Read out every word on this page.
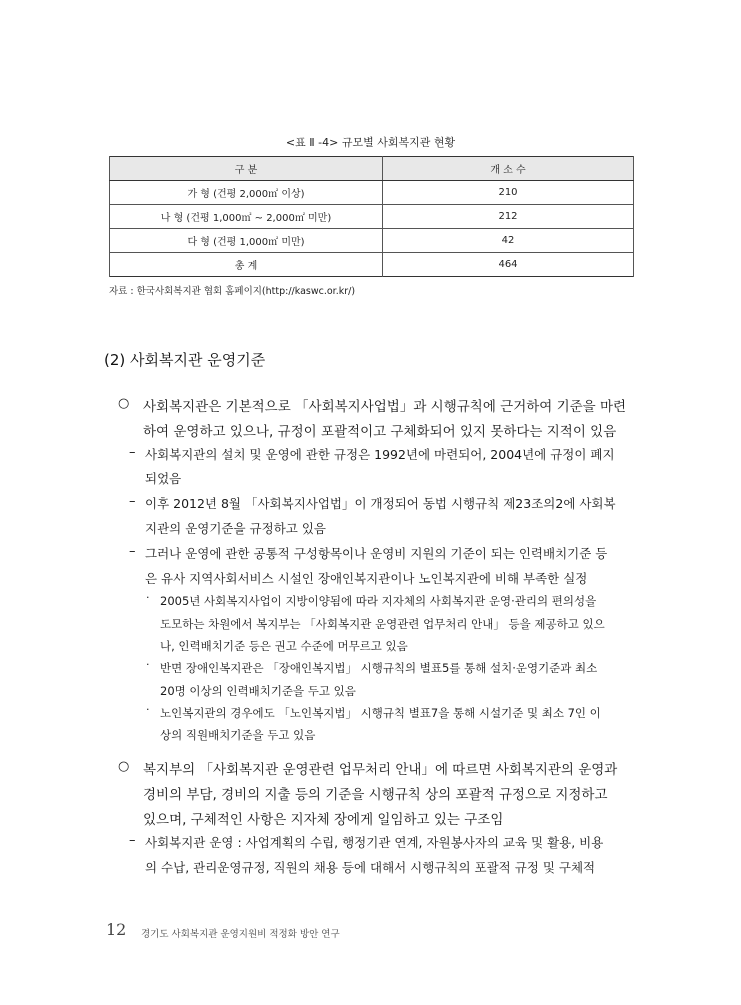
<표 Ⅱ -4> 규모별 사회복지관 현황
구 분	개 소 수
가 형 (건평 2,000㎡ 이상)	210
나 형 (건평 1,000㎡ ~ 2,000㎡ 미만)	212
다 형 (건평 1,000㎡ 미만)	42
총 계	464
자료 : 한국사회복지관 협회 홈페이지(http://kaswc.or.kr/)
(2) 사회복지관 운영기준
○
–
–
–
·
·
·
○
–
사회복지관은 기본적으로 「사회복지사업법」과 시행규칙에 근거하여 기준을 마련
하여 운영하고 있으나, 규정이 포괄적이고 구체화되어 있지 못하다는 지적이 있음
사회복지관의 설치 및 운영에 관한 규정은 1992년에 마련되어, 2004년에 규정이 폐지
되었음
이후 2012년 8월 「사회복지사업법」이 개정되어 동법 시행규칙 제23조의2에 사회복
지관의 운영기준을 규정하고 있음
그러나 운영에 관한 공통적 구성항목이나 운영비 지원의 기준이 되는 인력배치기준 등
은 유사 지역사회서비스 시설인 장애인복지관이나 노인복지관에 비해 부족한 실정
2005년 사회복지사업이 지방이양됨에 따라 지자체의 사회복지관 운영·관리의 편의성을
도모하는 차원에서 복지부는 「사회복지관 운영관련 업무처리 안내」 등을 제공하고 있으
나, 인력배치기준 등은 권고 수준에 머무르고 있음
반면 장애인복지관은 「장애인복지법」 시행규칙의 별표5를 통해 설치·운영기준과 최소
20명 이상의 인력배치기준을 두고 있음
노인복지관의 경우에도 「노인복지법」 시행규칙 별표7을 통해 시설기준 및 최소 7인 이
상의 직원배치기준을 두고 있음
복지부의 「사회복지관 운영관련 업무처리 안내」에 따르면 사회복지관의 운영과
경비의 부담, 경비의 지출 등의 기준을 시행규칙 상의 포괄적 규정으로 지정하고
있으며, 구체적인 사항은 지자체 장에게 일임하고 있는 구조임
사회복지관 운영 : 사업계획의 수립, 행정기관 연계, 자원봉사자의 교육 및 활용, 비용
의 수납, 관리운영규정, 직원의 채용 등에 대해서 시행규칙의 포괄적 규정 및 구체적
12 경기도 사회복지관 운영지원비 적정화 방안 연구
